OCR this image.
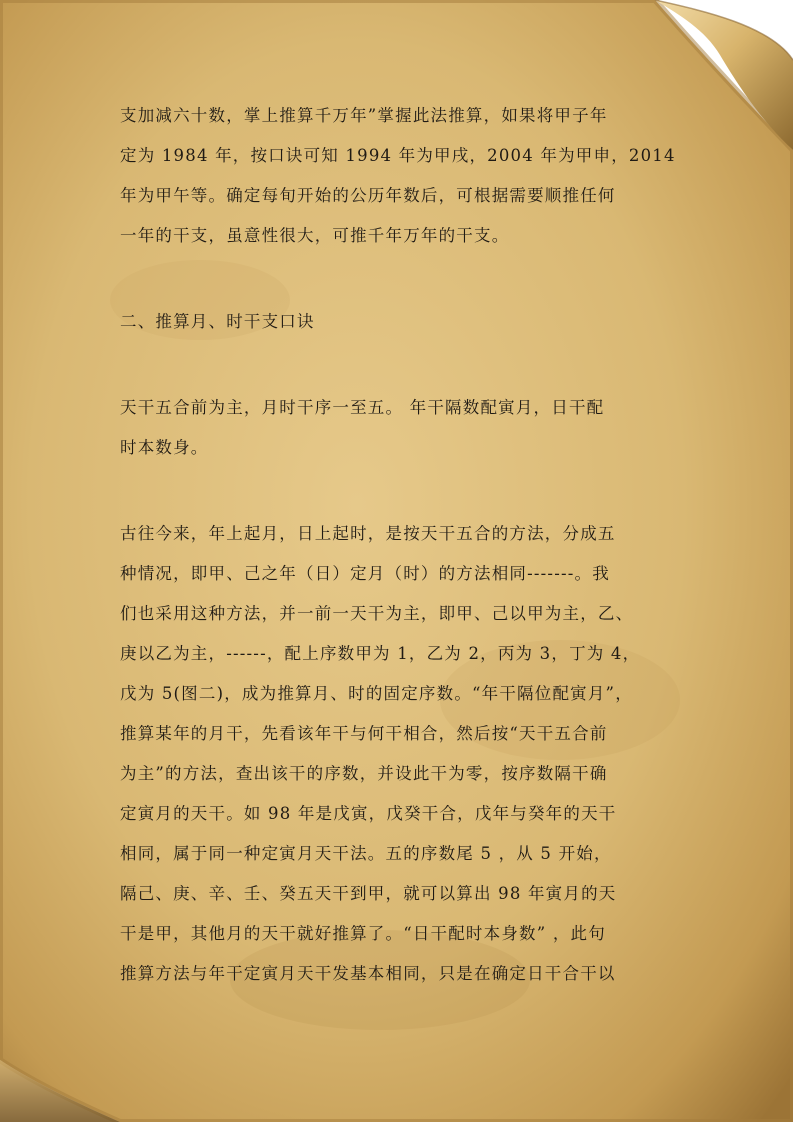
支加减六十数，掌上推算千万年”掌握此法推算，如果将甲子年

定为 1984 年，按口诀可知 1994 年为甲戌，2004 年为甲申，2014

年为甲午等。确定每旬开始的公历年数后，可根据需要顺推任何

一年的干支，虽意性很大，可推千年万年的干支。

二、推算月、时干支口诀

天干五合前为主，月时干序一至五。 年干隔数配寅月，日干配

时本数身。

古往今来，年上起月，日上起时，是按天干五合的方法，分成五

种情况，即甲、己之年（日）定月（时）的方法相同-------。我

们也采用这种方法，并一前一天干为主，即甲、己以甲为主，乙、

庚以乙为主，------，配上序数甲为 1，乙为 2，丙为 3，丁为 4，

戊为 5(图二)，成为推算月、时的固定序数。“年干隔位配寅月”，

推算某年的月干，先看该年干与何干相合，然后按“天干五合前

为主”的方法，查出该干的序数，并设此干为零，按序数隔干确

定寅月的天干。如 98 年是戊寅，戊癸干合，戊年与癸年的天干

相同，属于同一种定寅月天干法。五的序数尾 5 ，从 5 开始，

隔己、庚、辛、壬、癸五天干到甲，就可以算出 98 年寅月的天

干是甲，其他月的天干就好推算了。“日干配时本身数” ，此句

推算方法与年干定寅月天干发基本相同，只是在确定日干合干以
